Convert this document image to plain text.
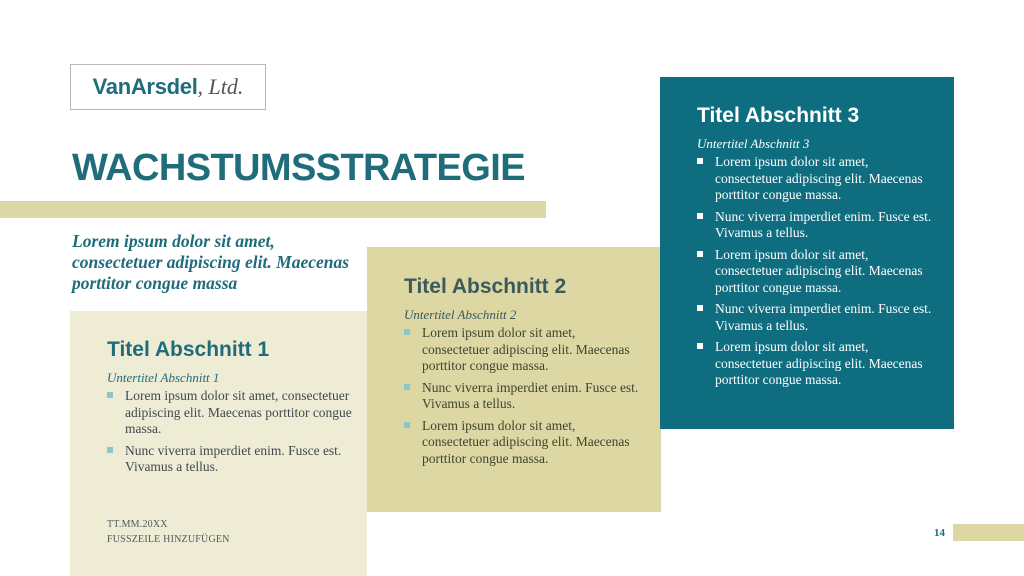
VanArsdel , Ltd.
WACHSTUMSSTRATEGIE
Lorem ipsum dolor sit amet, consectetuer adipiscing elit. Maecenas porttitor congue massa
Titel Abschnitt 1
Untertitel Abschnitt 1
Lorem ipsum dolor sit amet, consectetuer adipiscing elit. Maecenas porttitor congue massa.
Nunc viverra imperdiet enim. Fusce est. Vivamus a tellus.
TT.MM.20XX
FUSSZEILE HINZUFÜGEN
Titel Abschnitt 2
Untertitel Abschnitt 2
Lorem ipsum dolor sit amet, consectetuer adipiscing elit. Maecenas porttitor congue massa.
Nunc viverra imperdiet enim. Fusce est. Vivamus a tellus.
Lorem ipsum dolor sit amet, consectetuer adipiscing elit. Maecenas porttitor congue massa.
Titel Abschnitt 3
Untertitel Abschnitt 3
Lorem ipsum dolor sit amet, consectetuer adipiscing elit. Maecenas porttitor congue massa.
Nunc viverra imperdiet enim. Fusce est. Vivamus a tellus.
Lorem ipsum dolor sit amet, consectetuer adipiscing elit. Maecenas porttitor congue massa.
Nunc viverra imperdiet enim. Fusce est. Vivamus a tellus.
Lorem ipsum dolor sit amet, consectetuer adipiscing elit. Maecenas porttitor congue massa.
14
